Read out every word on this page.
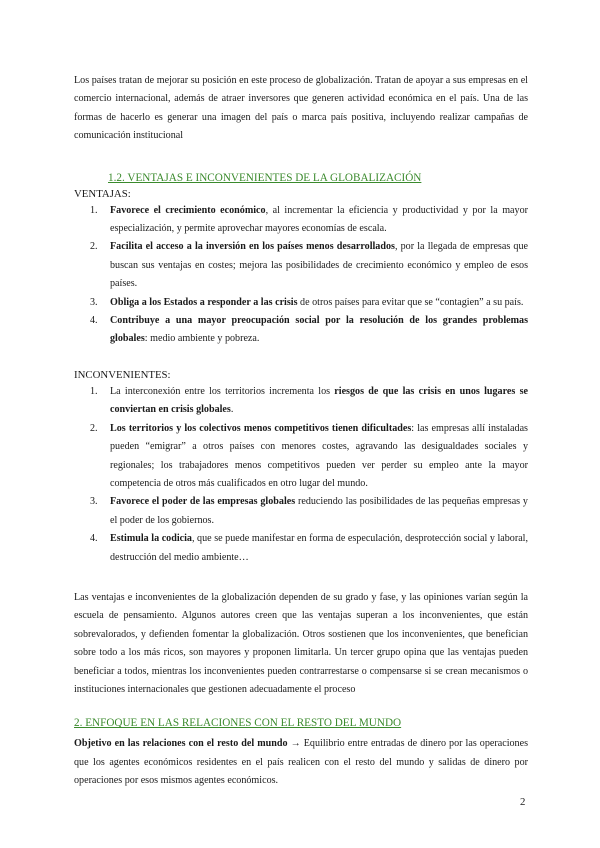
Los países tratan de mejorar su posición en este proceso de globalización. Tratan de apoyar a sus empresas en el comercio internacional, además de atraer inversores que generen actividad económica en el país. Una de las formas de hacerlo es generar una imagen del país o marca país positiva, incluyendo realizar campañas de comunicación institucional

1.2. VENTAJAS E INCONVENIENTES DE LA GLOBALIZACIÓN

VENTAJAS:

1. Favorece el crecimiento económico, al incrementar la eficiencia y productividad y por la mayor especialización, y permite aprovechar mayores economías de escala.
2. Facilita el acceso a la inversión en los países menos desarrollados, por la llegada de empresas que buscan sus ventajas en costes; mejora las posibilidades de crecimiento económico y empleo de esos países.
3. Obliga a los Estados a responder a las crisis de otros países para evitar que se “contagien” a su país.
4. Contribuye a una mayor preocupación social por la resolución de los grandes problemas globales: medio ambiente y pobreza.

INCONVENIENTES:

1. La interconexión entre los territorios incrementa los riesgos de que las crisis en unos lugares se conviertan en crisis globales.
2. Los territorios y los colectivos menos competitivos tienen dificultades: las empresas allí instaladas pueden “emigrar” a otros países con menores costes, agravando las desigualdades sociales y regionales; los trabajadores menos competitivos pueden ver perder su empleo ante la mayor competencia de otros más cualificados en otro lugar del mundo.
3. Favorece el poder de las empresas globales reduciendo las posibilidades de las pequeñas empresas y el poder de los gobiernos.
4. Estimula la codicia, que se puede manifestar en forma de especulación, desprotección social y laboral, destrucción del medio ambiente…

Las ventajas e inconvenientes de la globalización dependen de su grado y fase, y las opiniones varían según la escuela de pensamiento. Algunos autores creen que las ventajas superan a los inconvenientes, que están sobrevalorados, y defienden fomentar la globalización. Otros sostienen que los inconvenientes, que benefician sobre todo a los más ricos, son mayores y proponen limitarla. Un tercer grupo opina que las ventajas pueden beneficiar a todos, mientras los inconvenientes pueden contrarrestarse o compensarse si se crean mecanismos o instituciones internacionales que gestionen adecuadamente el proceso

2. ENFOQUE EN LAS RELACIONES CON EL RESTO DEL MUNDO

Objetivo en las relaciones con el resto del mundo → Equilibrio entre entradas de dinero por las operaciones que los agentes económicos residentes en el país realicen con el resto del mundo y salidas de dinero por operaciones por esos mismos agentes económicos.

2
